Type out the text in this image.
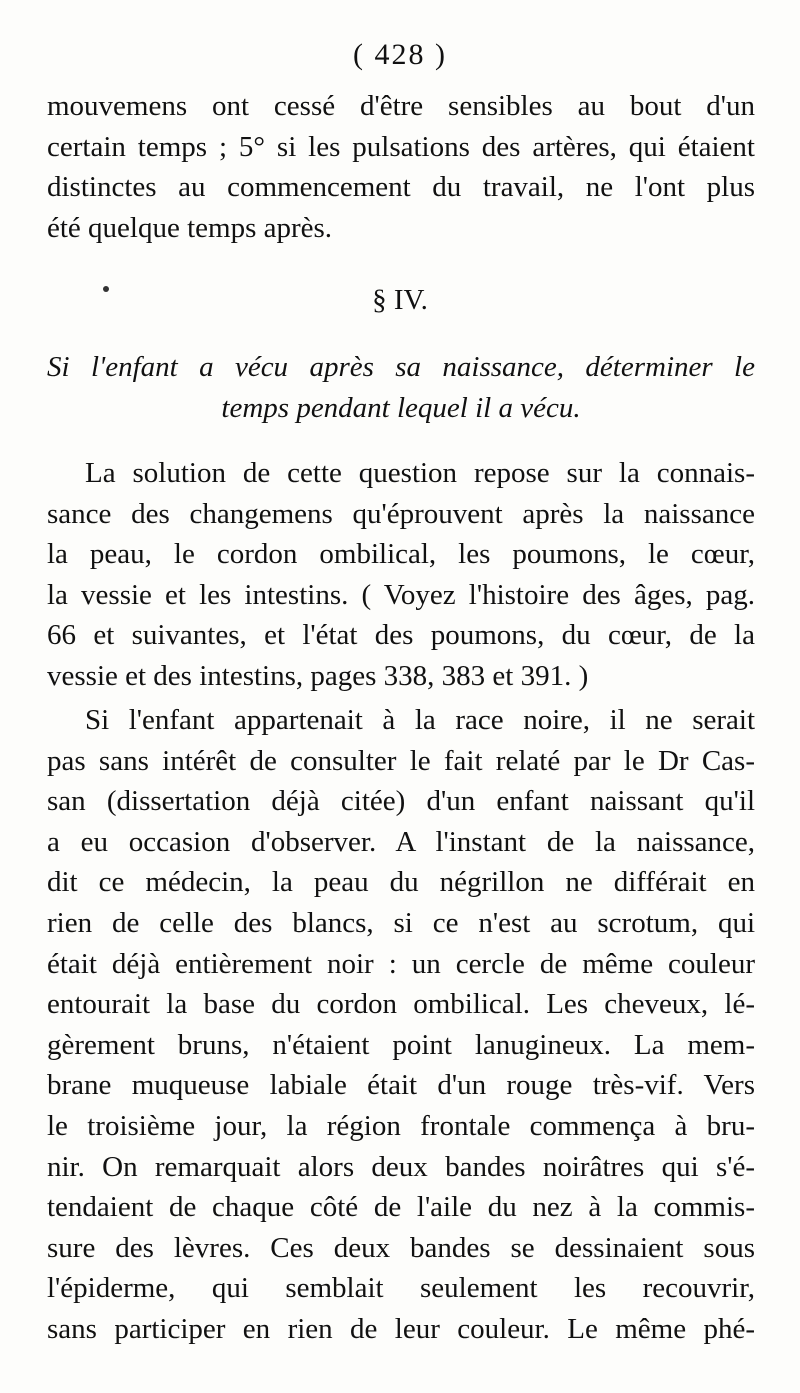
( 428 )
mouvemens ont cessé d'être sensibles au bout d'un
certain temps ; 5° si les pulsations des artères, qui étaient
distinctes au commencement du travail, ne l'ont plus
été quelque temps après.
§ IV.
Si l'enfant a vécu après sa naissance, déterminer le
temps pendant lequel il a vécu.
La solution de cette question repose sur la connais-
sance des changemens qu'éprouvent après la naissance
la peau, le cordon ombilical, les poumons, le cœur,
la vessie et les intestins. ( Voyez l'histoire des âges, pag.
66 et suivantes, et l'état des poumons, du cœur, de la
vessie et des intestins, pages 338, 383 et 391. )
Si l'enfant appartenait à la race noire, il ne serait
pas sans intérêt de consulter le fait relaté par le Dr Cas-
san (dissertation déjà citée) d'un enfant naissant qu'il
a eu occasion d'observer. A l'instant de la naissance,
dit ce médecin, la peau du négrillon ne différait en
rien de celle des blancs, si ce n'est au scrotum, qui
était déjà entièrement noir : un cercle de même couleur
entourait la base du cordon ombilical. Les cheveux, lé-
gèrement bruns, n'étaient point lanugineux. La mem-
brane muqueuse labiale était d'un rouge très-vif. Vers
le troisième jour, la région frontale commença à bru-
nir. On remarquait alors deux bandes noirâtres qui s'é-
tendaient de chaque côté de l'aile du nez à la commis-
sure des lèvres. Ces deux bandes se dessinaient sous
l'épiderme, qui semblait seulement les recouvrir,
sans participer en rien de leur couleur. Le même phé-
